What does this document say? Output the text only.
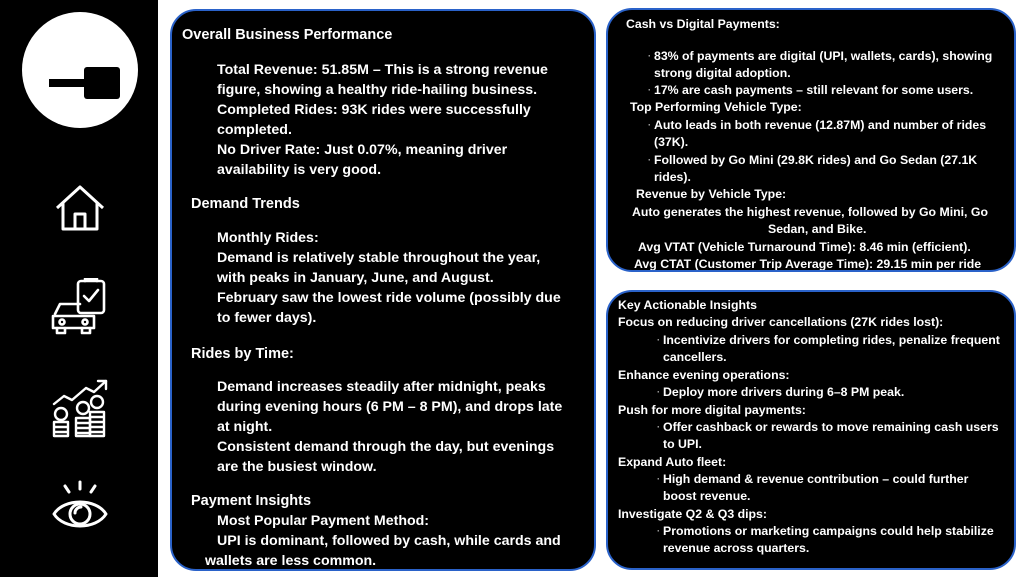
Overall Business Performance
Total Revenue: 51.85M – This is a strong revenue
figure, showing a healthy ride-hailing business.
Completed Rides: 93K rides were successfully
completed.
No Driver Rate: Just 0.07%, meaning driver
availability is very good.
Demand Trends
Monthly Rides:
Demand is relatively stable throughout the year,
with peaks in January, June, and August.
February saw the lowest ride volume (possibly due
to fewer days).
Rides by Time:
Demand increases steadily after midnight, peaks
during evening hours (6 PM – 8 PM), and drops late
at night.
Consistent demand through the day, but evenings
are the busiest window.
Payment Insights
Most Popular Payment Method:
UPI is dominant, followed by cash, while cards and
wallets are less common.
Cash vs Digital Payments:
· 83% of payments are digital (UPI, wallets, cards), showing
strong digital adoption.
· 17% are cash payments – still relevant for some users.
Top Performing Vehicle Type:
· Auto leads in both revenue (12.87M) and number of rides
(37K).
· Followed by Go Mini (29.8K rides) and Go Sedan (27.1K
rides).
Revenue by Vehicle Type:
Auto generates the highest revenue, followed by Go Mini, Go
Sedan, and Bike.
Avg VTAT (Vehicle Turnaround Time): 8.46 min (efficient).
Avg CTAT (Customer Trip Average Time): 29.15 min per ride
Key Actionable Insights
Focus on reducing driver cancellations (27K rides lost):
· Incentivize drivers for completing rides, penalize frequent
cancellers.
Enhance evening operations:
· Deploy more drivers during 6–8 PM peak.
Push for more digital payments:
· Offer cashback or rewards to move remaining cash users
to UPI.
Expand Auto fleet:
· High demand & revenue contribution – could further
boost revenue.
Investigate Q2 & Q3 dips:
· Promotions or marketing campaigns could help stabilize
revenue across quarters.
